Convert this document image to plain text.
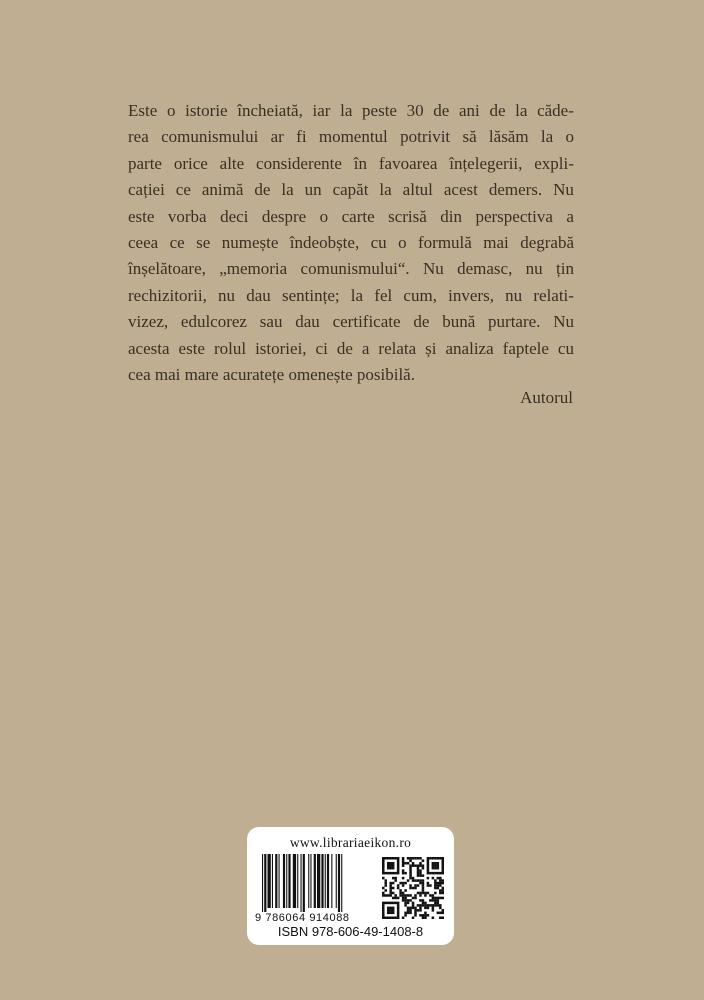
Este o istorie încheiată, iar la peste 30 de ani de la căde-
rea comunismului ar fi momentul potrivit să lăsăm la o
parte orice alte considerente în favoarea înțelegerii, expli-
cației ce animă de la un capăt la altul acest demers. Nu
este vorba deci despre o carte scrisă din perspectiva a
ceea ce se numește îndeobște, cu o formulă mai degrabă
înșelătoare, „memoria comunismului“. Nu demasc, nu țin
rechizitorii, nu dau sentințe; la fel cum, invers, nu relati-
vizez, edulcorez sau dau certificate de bună purtare. Nu
acesta este rolul istoriei, ci de a relata și analiza faptele cu
cea mai mare acuratețe omenește posibilă.
Autorul
www.librariaeikon.ro
9 786064 914088
ISBN 978-606-49-1408-8
